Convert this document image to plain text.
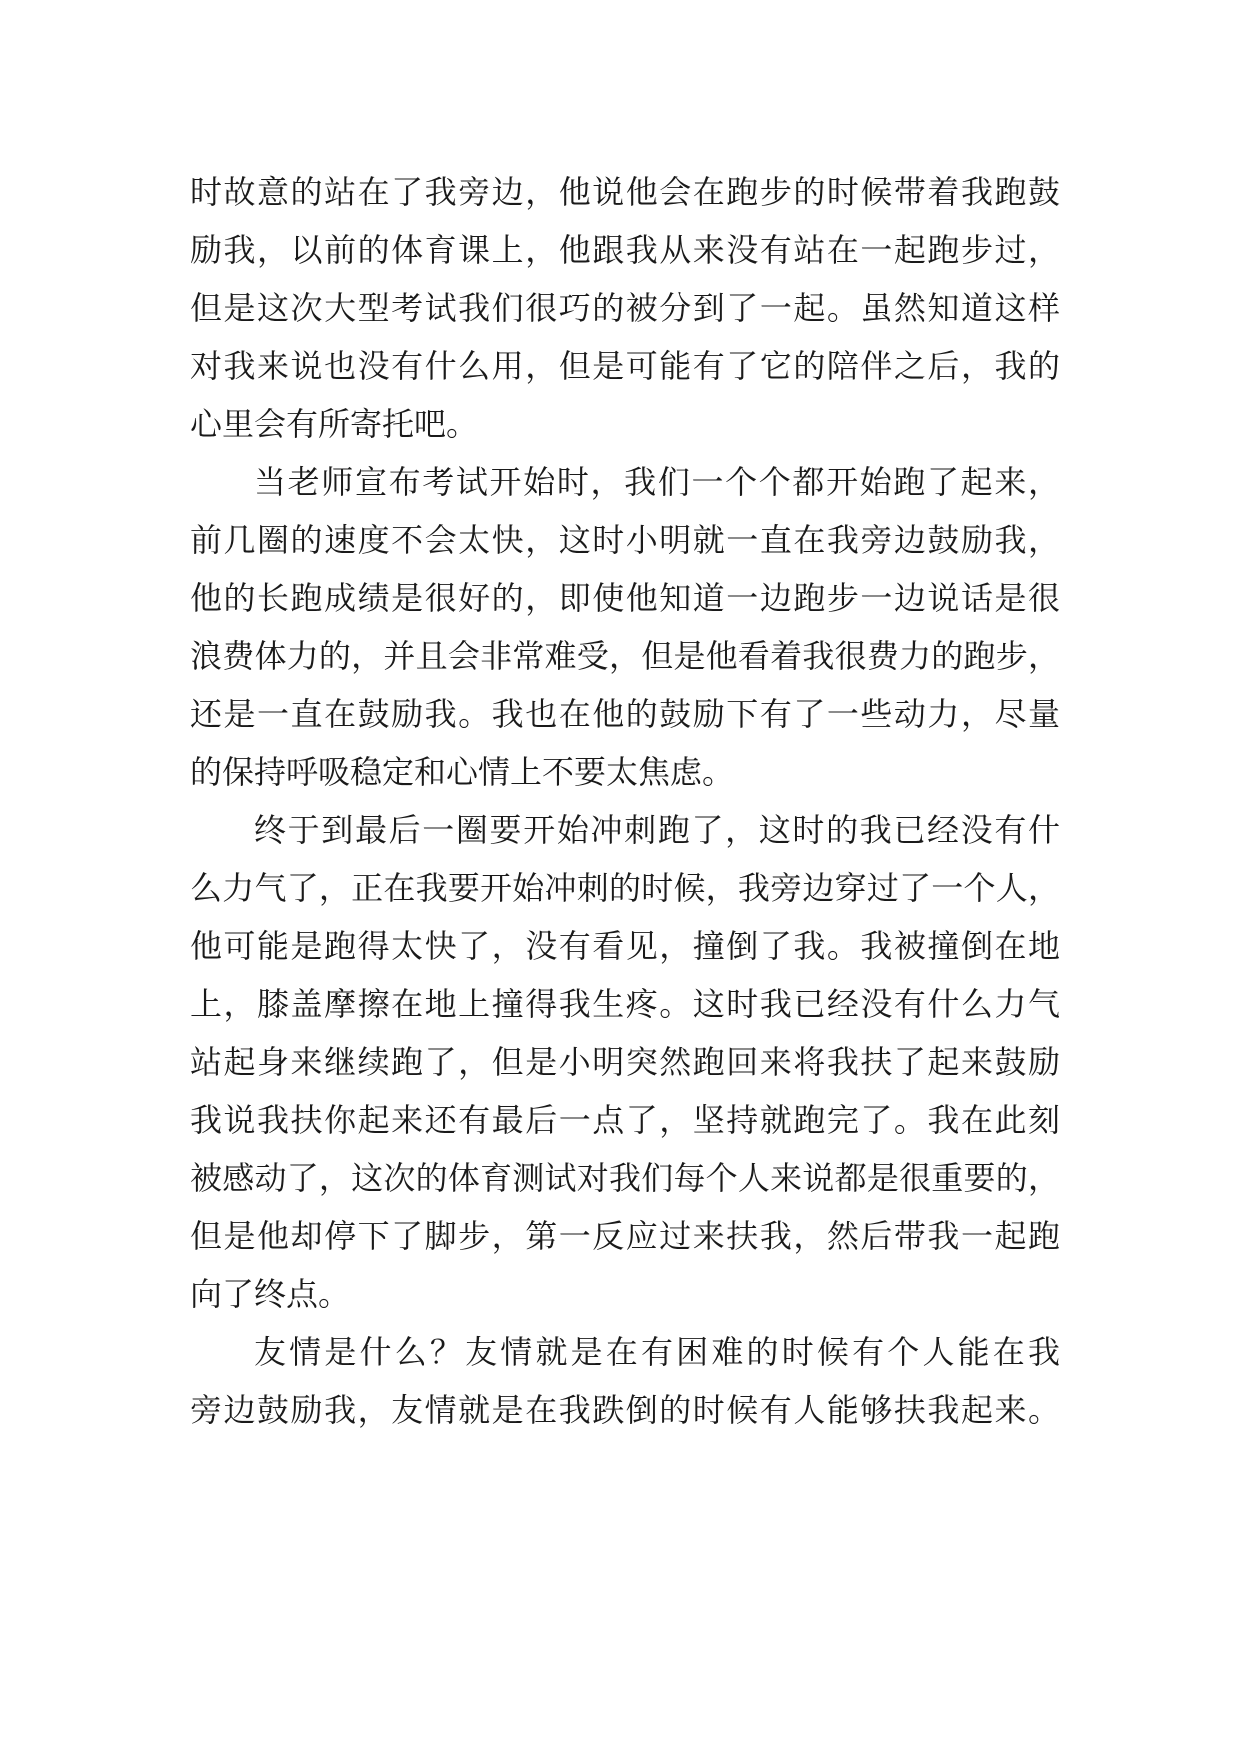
时故意的站在了我旁边，他说他会在跑步的时候带着我跑鼓
励我，以前的体育课上，他跟我从来没有站在一起跑步过，
但是这次大型考试我们很巧的被分到了一起。虽然知道这样
对我来说也没有什么用，但是可能有了它的陪伴之后，我的
心里会有所寄托吧。
当老师宣布考试开始时，我们一个个都开始跑了起来，
前几圈的速度不会太快，这时小明就一直在我旁边鼓励我，
他的长跑成绩是很好的，即使他知道一边跑步一边说话是很
浪费体力的，并且会非常难受，但是他看着我很费力的跑步，
还是一直在鼓励我。我也在他的鼓励下有了一些动力，尽量
的保持呼吸稳定和心情上不要太焦虑。
终于到最后一圈要开始冲刺跑了，这时的我已经没有什
么力气了，正在我要开始冲刺的时候，我旁边穿过了一个人，
他可能是跑得太快了，没有看见，撞倒了我。我被撞倒在地
上，膝盖摩擦在地上撞得我生疼。这时我已经没有什么力气
站起身来继续跑了，但是小明突然跑回来将我扶了起来鼓励
我说我扶你起来还有最后一点了，坚持就跑完了。我在此刻
被感动了，这次的体育测试对我们每个人来说都是很重要的，
但是他却停下了脚步，第一反应过来扶我，然后带我一起跑
向了终点。
友情是什么？友情就是在有困难的时候有个人能在我
旁边鼓励我，友情就是在我跌倒的时候有人能够扶我起来。
